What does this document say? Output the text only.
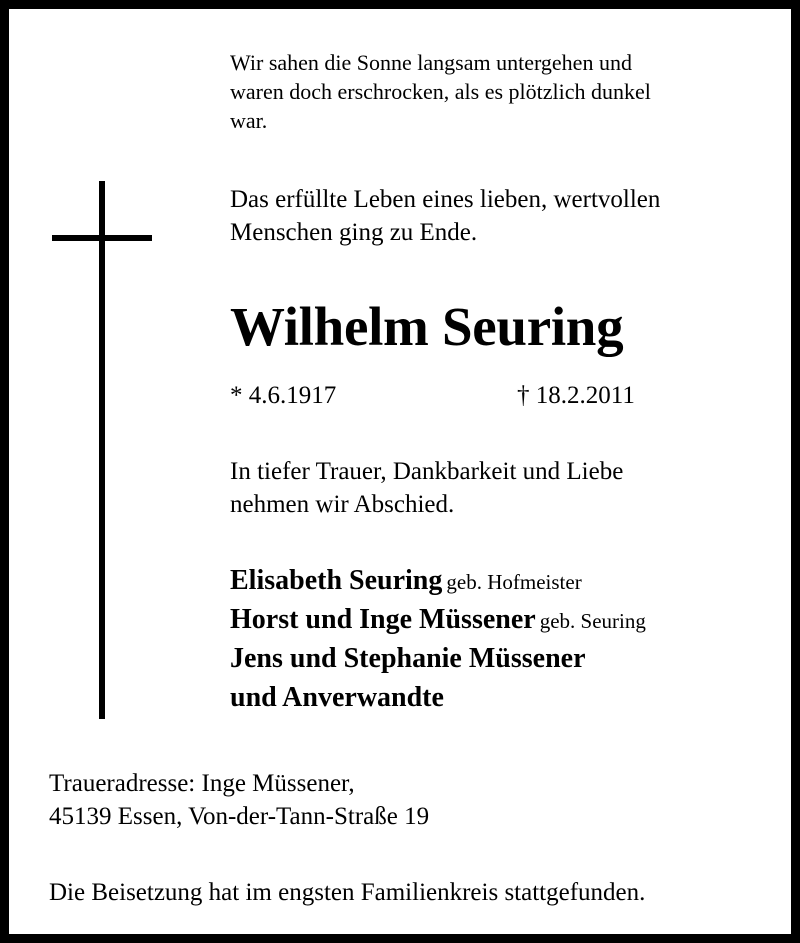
Wir sahen die Sonne langsam untergehen und
waren doch erschrocken, als es plötzlich dunkel
war.
Das erfüllte Leben eines lieben, wertvollen
Menschen ging zu Ende.
Wilhelm Seuring
* 4.6.1917	† 18.2.2011
In tiefer Trauer, Dankbarkeit und Liebe
nehmen wir Abschied.
Elisabeth Seuring geb. Hofmeister
Horst und Inge Müssener geb. Seuring
Jens und Stephanie Müssener
und Anverwandte
Traueradresse: Inge Müssener,
45139 Essen, Von-der-Tann-Straße 19
Die Beisetzung hat im engsten Familienkreis stattgefunden.
